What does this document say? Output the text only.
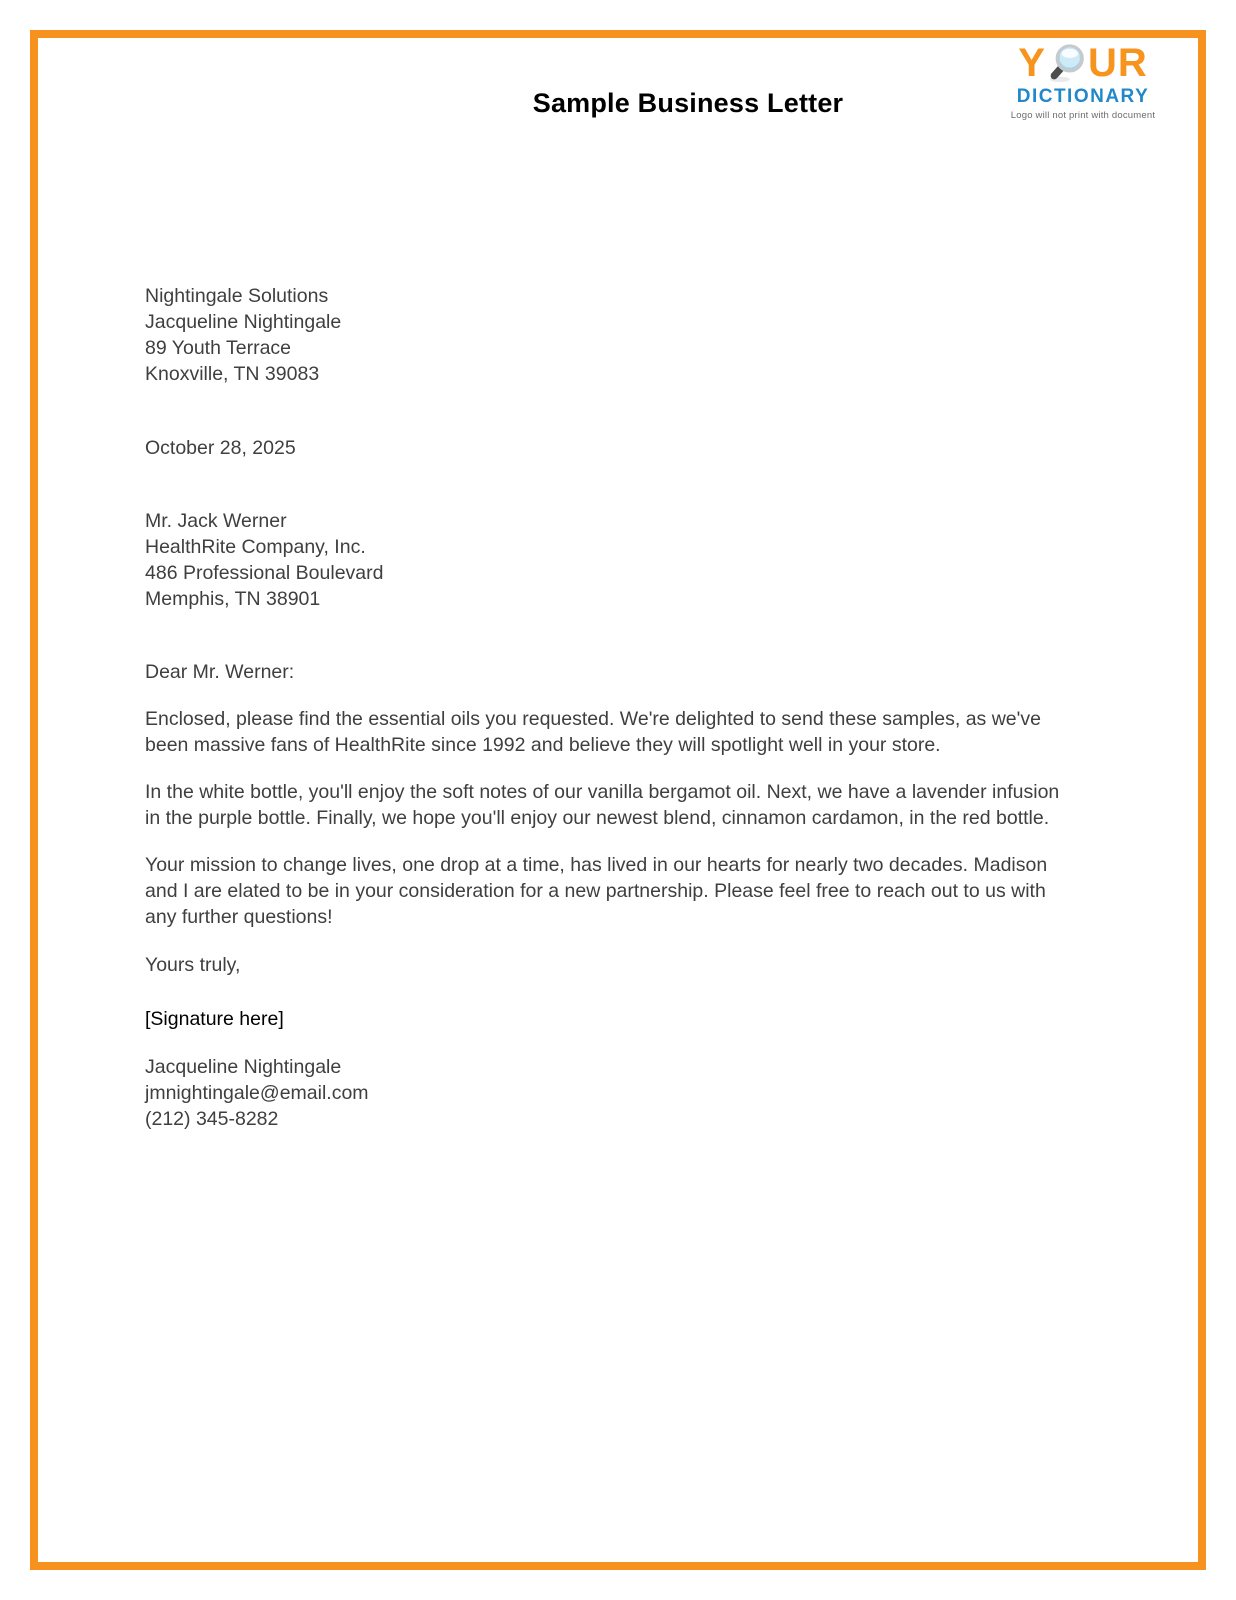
Sample Business Letter
Y UR
DICTIONARY
Logo will not print with document
Nightingale Solutions
Jacqueline Nightingale
89 Youth Terrace
Knoxville, TN 39083
October 28, 2025
Mr. Jack Werner
HealthRite Company, Inc.
486 Professional Boulevard
Memphis, TN 38901
Dear Mr. Werner:

Enclosed, please find the essential oils you requested. We're delighted to send these samples, as we've been massive fans of HealthRite since 1992 and believe they will spotlight well in your store.

In the white bottle, you'll enjoy the soft notes of our vanilla bergamot oil. Next, we have a lavender infusion in the purple bottle. Finally, we hope you'll enjoy our newest blend, cinnamon cardamon, in the red bottle.

Your mission to change lives, one drop at a time, has lived in our hearts for nearly two decades. Madison and I are elated to be in your consideration for a new partnership. Please feel free to reach out to us with any further questions!

Yours truly,
[Signature here]
Jacqueline Nightingale
jmnightingale@email.com
(212) 345-8282
